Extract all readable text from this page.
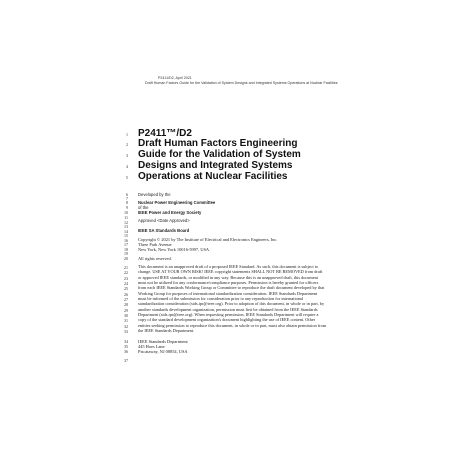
P2411/D2, April 2021
Draft Human Factors Guide for the Validation of System Designs and Integrated Systems Operations at Nuclear Facilities
1 P2411™/D2
2 Draft Human Factors Engineering
3 Guide for the Validation of System
4 Designs and Integrated Systems
5 Operations at Nuclear Facilities
6 Developed by the
7
8 Nuclear Power Engineering Committee
9 of the
10 IEEE Power and Energy Society
11
12
13
14
15
Approved <Date Approved>
16
IEEE SA Standards Board
17
18
19
Copyright © 2021 by The Institute of Electrical and Electronics Engineers, Inc.
Three Park Avenue
New York, New York 10016-5997, USA
20 All rights reserved.
21
22
23
24
25
26
27
28
29
30
31
32
33
This document is an unapproved draft of a proposed IEEE Standard. As such, this document is subject to
change. USE AT YOUR OWN RISK! IEEE copyright statements SHALL NOT BE REMOVED from draft
or approved IEEE standards, or modified in any way. Because this is an unapproved draft, this document
must not be utilized for any conformance/compliance purposes. Permission is hereby granted for officers
from each IEEE Standards Working Group or Committee to reproduce the draft document developed by that
Working Group for purposes of international standardization consideration. IEEE Standards Department
must be informed of the submission for consideration prior to any reproduction for international
standardization consideration (stds.ipr@ieee.org). Prior to adoption of this document, in whole or in part, by
another standards development organization, permission must first be obtained from the IEEE Standards
Department (stds.ipr@ieee.org). When requesting permission, IEEE Standards Department will require a
copy of the standard development organization's document highlighting the use of IEEE content. Other
entities seeking permission to reproduce this document, in whole or in part, must also obtain permission from
the IEEE Standards Department.
34 IEEE Standards Department
35 445 Hoes Lane
36 Piscataway, NJ 08854, USA
37
